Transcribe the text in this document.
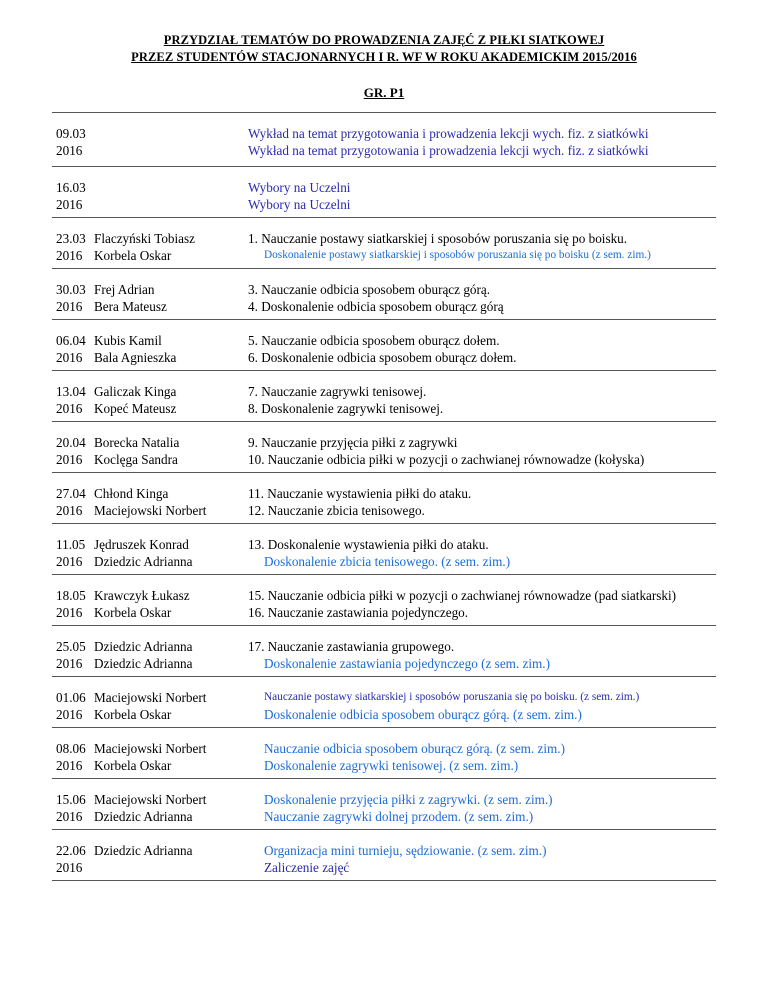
PRZYDZIAŁ TEMATÓW DO PROWADZENIA ZAJĘĆ Z PIŁKI SIATKOWEJ
PRZEZ STUDENTÓW STACJONARNYCH I R. WF W ROKU AKADEMICKIM 2015/2016
GR. P1
09.03
2016
Wykład na temat przygotowania i prowadzenia lekcji wych. fiz. z siatkówki
Wykład na temat przygotowania i prowadzenia lekcji wych. fiz. z siatkówki
16.03
2016
Wybory na Uczelni
Wybory na Uczelni
23.03
2016
Flaczyński Tobiasz
Korbela Oskar
1. Nauczanie postawy siatkarskiej i sposobów poruszania się po boisku.
Doskonalenie postawy siatkarskiej i sposobów poruszania się po boisku (z sem. zim.)
30.03
2016
Frej Adrian
Bera Mateusz
3. Nauczanie odbicia sposobem oburącz górą.
4. Doskonalenie odbicia sposobem oburącz górą
06.04
2016
Kubis Kamil
Bala Agnieszka
5. Nauczanie odbicia sposobem oburącz dołem.
6. Doskonalenie odbicia sposobem oburącz dołem.
13.04
2016
Galiczak Kinga
Kopeć Mateusz
7. Nauczanie zagrywki tenisowej.
8. Doskonalenie zagrywki tenisowej.
20.04
2016
Borecka Natalia
Koclęga Sandra
9. Nauczanie przyjęcia piłki z zagrywki
10. Nauczanie odbicia piłki w pozycji o zachwianej równowadze (kołyska)
27.04
2016
Chłond Kinga
Maciejowski Norbert
11. Nauczanie wystawienia piłki do ataku.
12. Nauczanie zbicia tenisowego.
11.05
2016
Jędruszek Konrad
Dziedzic Adrianna
13. Doskonalenie wystawienia piłki do ataku.
Doskonalenie zbicia tenisowego. (z sem. zim.)
18.05
2016
Krawczyk Łukasz
Korbela Oskar
15. Nauczanie odbicia piłki w pozycji o zachwianej równowadze (pad siatkarski)
16. Nauczanie zastawiania pojedynczego.
25.05
2016
Dziedzic Adrianna
Dziedzic Adrianna
17. Nauczanie zastawiania grupowego.
Doskonalenie zastawiania pojedynczego (z sem. zim.)
01.06
2016
Maciejowski Norbert
Korbela Oskar
Nauczanie postawy siatkarskiej i sposobów poruszania się po boisku. (z sem. zim.)
Doskonalenie odbicia sposobem oburącz górą. (z sem. zim.)
08.06
2016
Maciejowski Norbert
Korbela Oskar
Nauczanie odbicia sposobem oburącz górą. (z sem. zim.)
Doskonalenie zagrywki tenisowej. (z sem. zim.)
15.06
2016
Maciejowski Norbert
Dziedzic Adrianna
Doskonalenie przyjęcia piłki z zagrywki. (z sem. zim.)
Nauczanie zagrywki dolnej przodem. (z sem. zim.)
22.06
2016
Dziedzic Adrianna	Organizacja mini turnieju, sędziowanie. (z sem. zim.)
Zaliczenie zajęć
